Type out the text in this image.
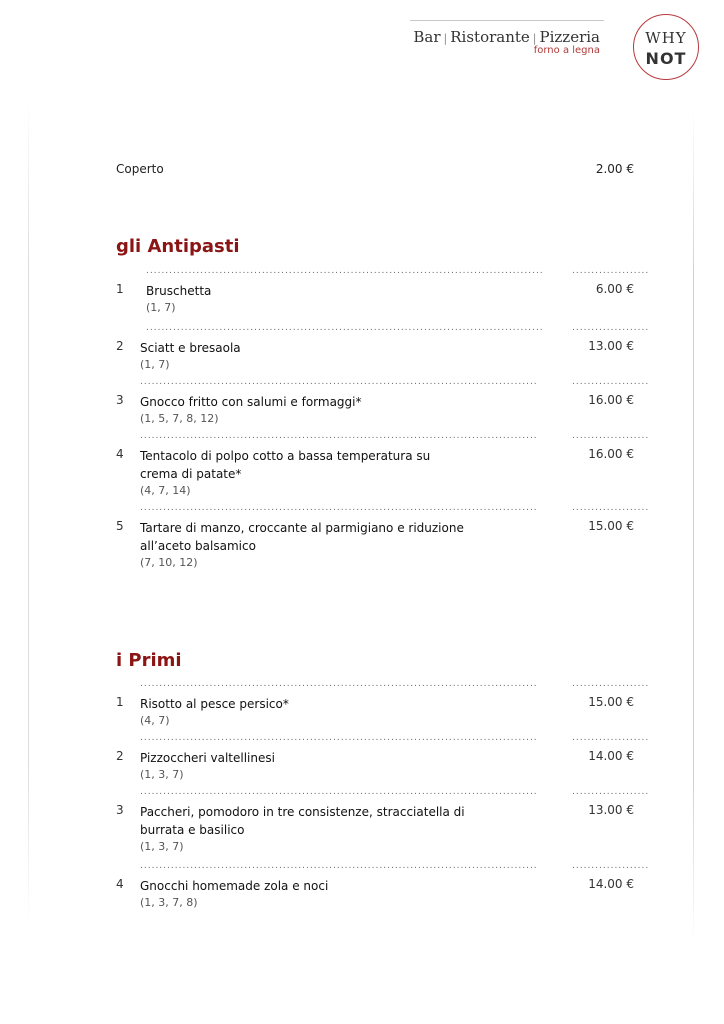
Bar | Ristorante | Pizzeria
forno a legna
WHY
NOT
Coperto	2.00 €
gli Antipasti
.......................................................................................................	....................
1 Bruschetta
(1, 7)
6.00 €
.......................................................................................................	....................
2 Sciatt e bresaola
(1, 7)
13.00 €
.......................................................................................................	....................
3 Gnocco fritto con salumi e formaggi*
(1, 5, 7, 8, 12)
16.00 €
.......................................................................................................	....................
4 Tentacolo di polpo cotto a bassa temperatura su crema di patate*
(4, 7, 14)
16.00 €
.......................................................................................................	....................
5 Tartare di manzo, croccante al parmigiano e riduzione all’aceto balsamico
(7, 10, 12)
15.00 €
i Primi
.......................................................................................................	....................
1 Risotto al pesce persico*
(4, 7)
15.00 €
.......................................................................................................	....................
2 Pizzoccheri valtellinesi
(1, 3, 7)
14.00 €
.......................................................................................................	....................
3 Paccheri, pomodoro in tre consistenze, stracciatella di burrata e basilico
(1, 3, 7)
13.00 €
.......................................................................................................	....................
4 Gnocchi homemade zola e noci
(1, 3, 7, 8)
14.00 €
